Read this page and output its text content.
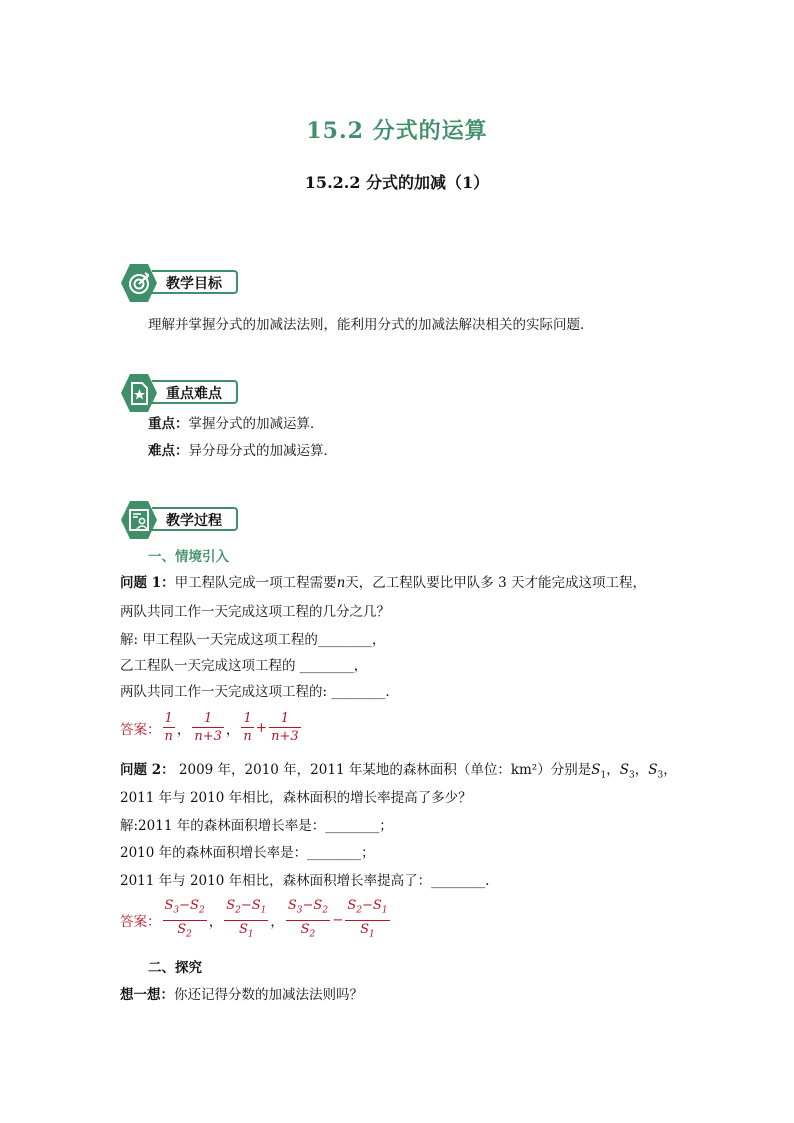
15.2 分式的运算
15.2.2 分式的加减（1）
教学目标
理解并掌握分式的加减法法则，能利用分式的加减法解决相关的实际问题．
重点难点
重点：掌握分式的加减运算．
难点：异分母分式的加减运算．
教学过程
一、情境引入
问题 1：甲工程队完成一项工程需要n天，乙工程队要比甲队多 3 天才能完成这项工程，
两队共同工作一天完成这项工程的几分之几？
解: 甲工程队一天完成这项工程的________，
乙工程队一天完成这项工程的 ________，
两队共同工作一天完成这项工程的: ________．
答案： $\frac{1}{n}$ ， $\frac{1}{n+3}$ ， $\frac{1}{n} + \frac{1}{n+3}$
问题 2： 2009 年，2010 年，2011 年某地的森林面积（单位：km²）分别是$S_1$，$S_3$，$S_3$，
2011 年与 2010 年相比，森林面积的增长率提高了多少？
解:2011 年的森林面积增长率是：________；
2010 年的森林面积增长率是：________；
2011 年与 2010 年相比，森林面积增长率提高了：________.
答案： $\frac{S_3-S_2}{S_2}$ ， $\frac{S_2-S_1}{S_1}$ ， $\frac{S_3-S_2}{S_2} - \frac{S_2-S_1}{S_1}$
二、探究
想一想：你还记得分数的加减法法则吗？
